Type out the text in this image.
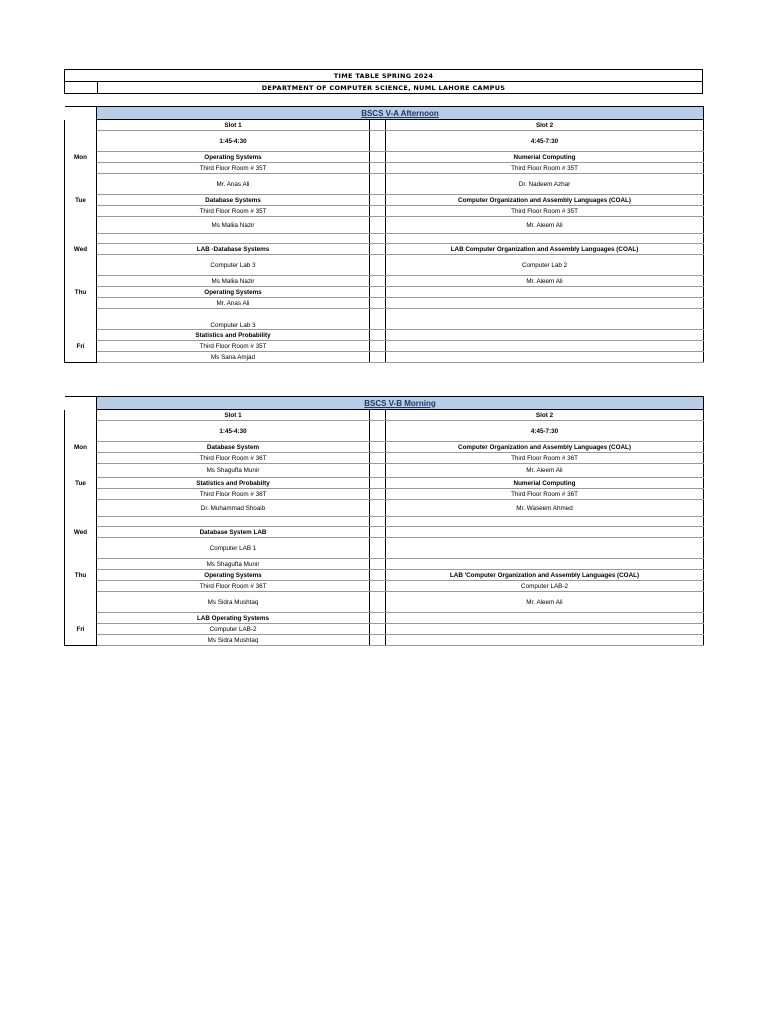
TIME TABLE SPRING 2024
DEPARTMENT OF COMPUTER SCIENCE, NUML LAHORE CAMPUS
	BSCS V-A Afternoon		
	Slot 1		Slot 2
	1:45-4:30		4:45-7:30
Mon	Operating Systems		Numerial Computing
	Third Floor Room # 35T		Third Floor Room # 35T
	Mr. Anas Ali		Dr. Nadeem Azhar
Tue	Database Systems		Computer Organization and Assembly Languages (COAL)
	Third Floor Room # 35T		Third Floor Room # 35T
	Ms Maliia Nazir		Mr. Aleem Ali

Wed	LAB -Database Systems		LAB Computer Organization and Assembly Languages (COAL)
	Computer Lab 3		Computer Lab 2
	Ms Maliia Nazir		Mr. Aleem Ali
Thu	Operating Systems		
	Mr. Anas Ali		
	Computer Lab 3		
	Statistics and Probability		
Fri	Third Floor Room # 35T		
	Ms Sana Amjad		
	BSCS V-B Morning		
	Slot 1		Slot 2
	1:45-4:30		4:45-7:30
Mon	Database System		Computer Organization and Assembly Languages (COAL)
	Third Floor Room # 36T		Third Floor Room # 36T
	Ms Shagufta Munir		Mr. Aleem Ali
Tue	Statistics and Probabilty		Numerial Computing
	Third Floor Room # 36T		Third Floor Room # 36T
	Dr. Muhammad Shoaib		Mr. Waseem Ahmed

Wed	Database System LAB		
	Computer LAB 1		
	Ms Shagufta Munir		
Thu	Operating Systems		LAB 'Computer Organization and Assembly Languages (COAL)
	Third Floor Room # 36T		Computer LAB-2
	Ms Sidra Mushtaq		Mr. Aleem Ali
	LAB Operating Systems		
Fri	Computer LAB-2		
	Ms Sidra Mushtaq		
